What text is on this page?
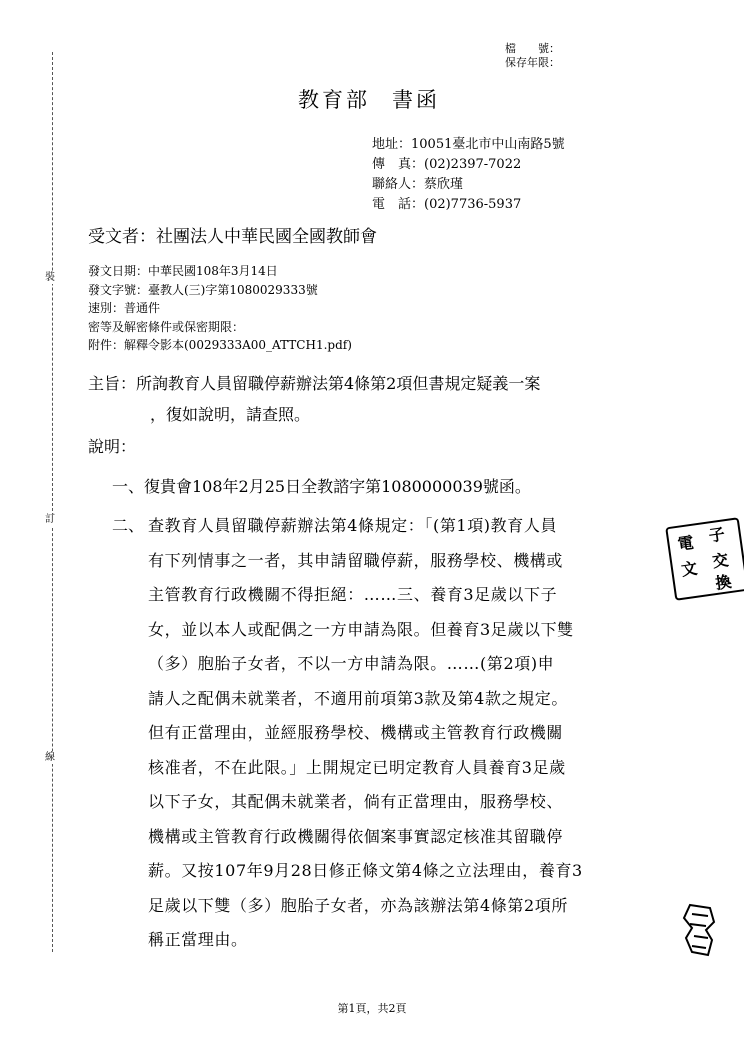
裝
訂
線
檔　　號：
保存年限：
教育部 書函
地址：10051臺北市中山南路5號
傳　真：(02)2397-7022
聯絡人：蔡欣瑾
電　話：(02)7736-5937
受文者：社團法人中華民國全國教師會
發文日期：中華民國108年3月14日
發文字號：臺教人(三)字第1080029333號
速別：普通件
密等及解密條件或保密期限：
附件：解釋令影本(0029333A00_ATTCH1.pdf)
主旨：所詢教育人員留職停薪辦法第4條第2項但書規定疑義一案
，復如說明，請查照。
說明：
一、復貴會108年2月25日全教諮字第1080000039號函。
二、 查教育人員留職停薪辦法第4條規定：「(第1項)教育人員
有下列情事之一者，其申請留職停薪，服務學校、機構或
主管教育行政機關不得拒絕：……三、養育3足歲以下子
女，並以本人或配偶之一方申請為限。但養育3足歲以下雙
（多）胞胎子女者，不以一方申請為限。……(第2項)申
請人之配偶未就業者，不適用前項第3款及第4款之規定。
但有正當理由，並經服務學校、機構或主管教育行政機關
核准者，不在此限。」上開規定已明定教育人員養育3足歲
以下子女，其配偶未就業者，倘有正當理由，服務學校、
機構或主管教育行政機關得依個案事實認定核准其留職停
薪。又按107年9月28日修正條文第4條之立法理由，養育3
足歲以下雙（多）胞胎子女者，亦為該辦法第4條第2項所
稱正當理由。
電 子
文 交
換
第1頁，共2頁
